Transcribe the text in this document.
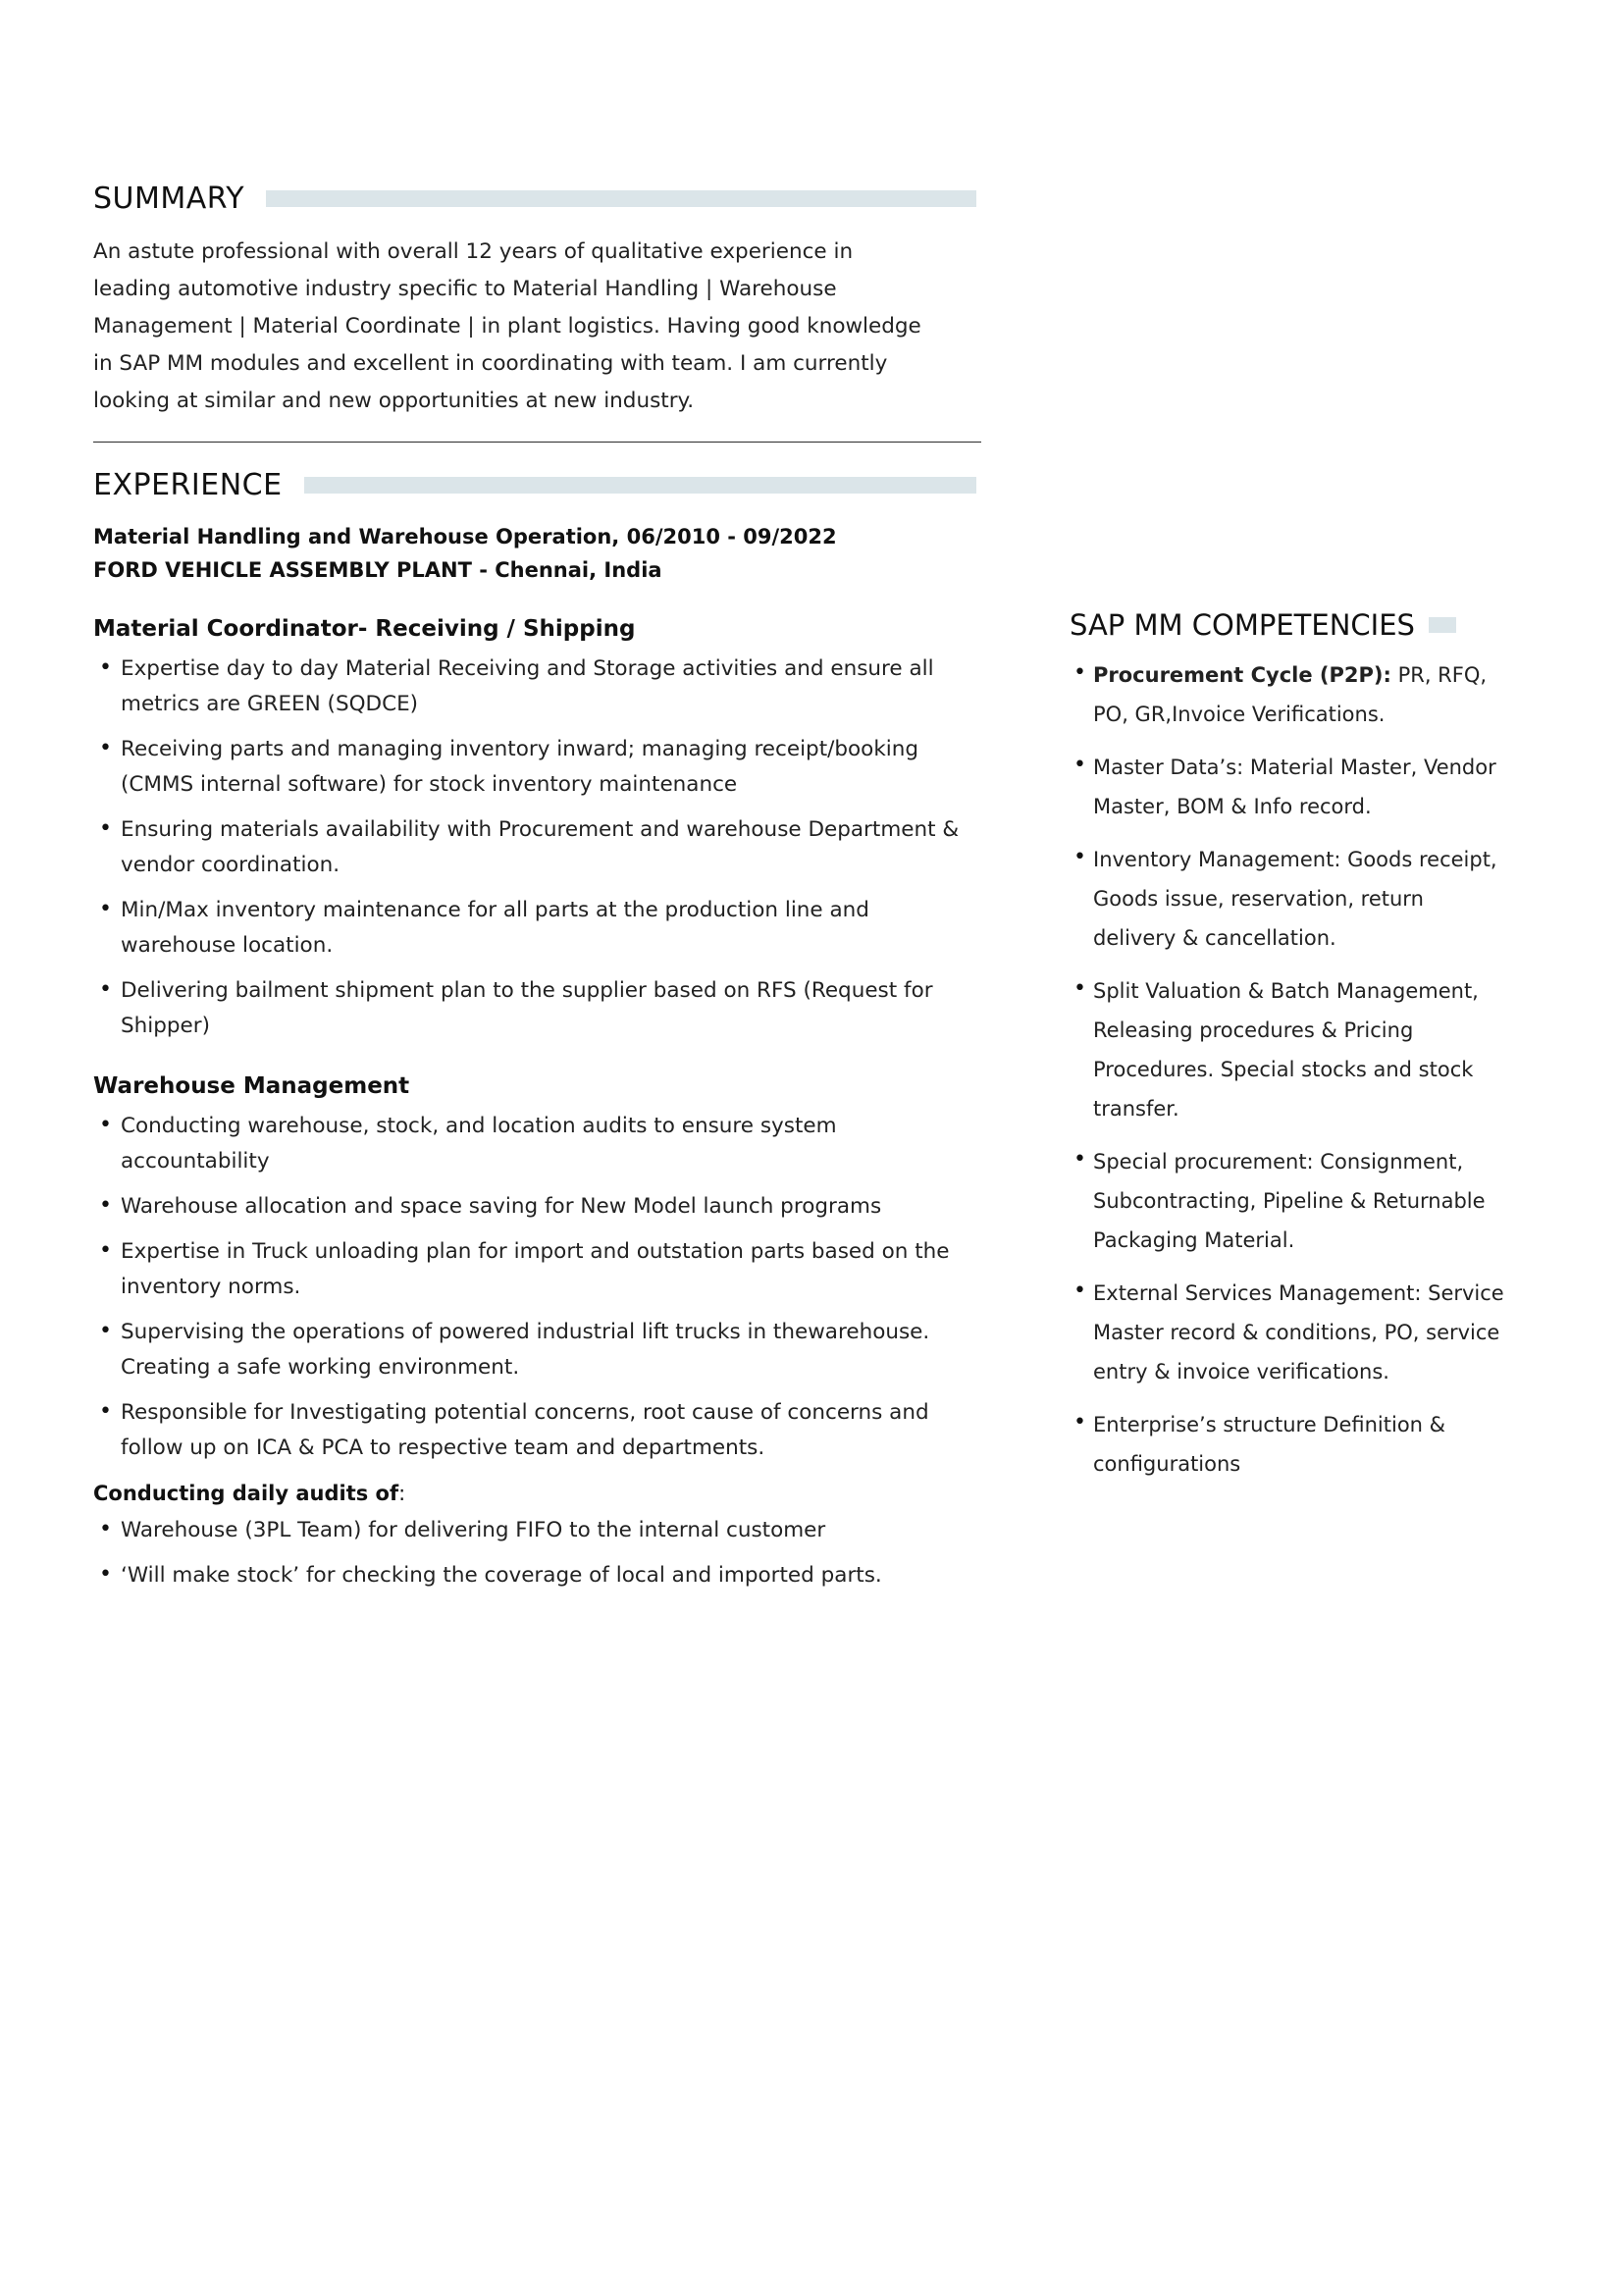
SUMMARY

An astute professional with overall 12 years of qualitative experience in leading automotive industry specific to Material Handling | Warehouse Management | Material Coordinate | in plant logistics. Having good knowledge in SAP MM modules and excellent in coordinating with team. I am currently looking at similar and new opportunities at new industry.

EXPERIENCE
Material Handling and Warehouse Operation, 06/2010 - 09/2022
FORD VEHICLE ASSEMBLY PLANT - Chennai, India
Material Coordinator- Receiving / Shipping
• Expertise day to day Material Receiving and Storage activities and ensure all metrics are GREEN (SQDCE)
• Receiving parts and managing inventory inward; managing receipt/booking (CMMS internal software) for stock inventory maintenance
• Ensuring materials availability with Procurement and warehouse Department & vendor coordination.
• Min/Max inventory maintenance for all parts at the production line and warehouse location.
• Delivering bailment shipment plan to the supplier based on RFS (Request for Shipper)
Warehouse Management
• Conducting warehouse, stock, and location audits to ensure system accountability
• Warehouse allocation and space saving for New Model launch programs
• Expertise in Truck unloading plan for import and outstation parts based on the inventory norms.
• Supervising the operations of powered industrial lift trucks in thewarehouse. Creating a safe working environment.
• Responsible for Investigating potential concerns, root cause of concerns and follow up on ICA & PCA to respective team and departments.
Conducting daily audits of:
• Warehouse (3PL Team) for delivering FIFO to the internal customer
• ‘Will make stock’ for checking the coverage of local and imported parts.
SAP MM COMPETENCIES
• Procurement Cycle (P2P): PR, RFQ, PO, GR,Invoice Verifications.
• Master Data’s: Material Master, Vendor Master, BOM & Info record.
• Inventory Management: Goods receipt, Goods issue, reservation, return delivery & cancellation.
• Split Valuation & Batch Management, Releasing procedures & Pricing Procedures. Special stocks and stock transfer.
• Special procurement: Consignment, Subcontracting, Pipeline & Returnable Packaging Material.
• External Services Management: Service Master record & conditions, PO, service entry & invoice verifications.
• Enterprise’s structure Definition & configurations
